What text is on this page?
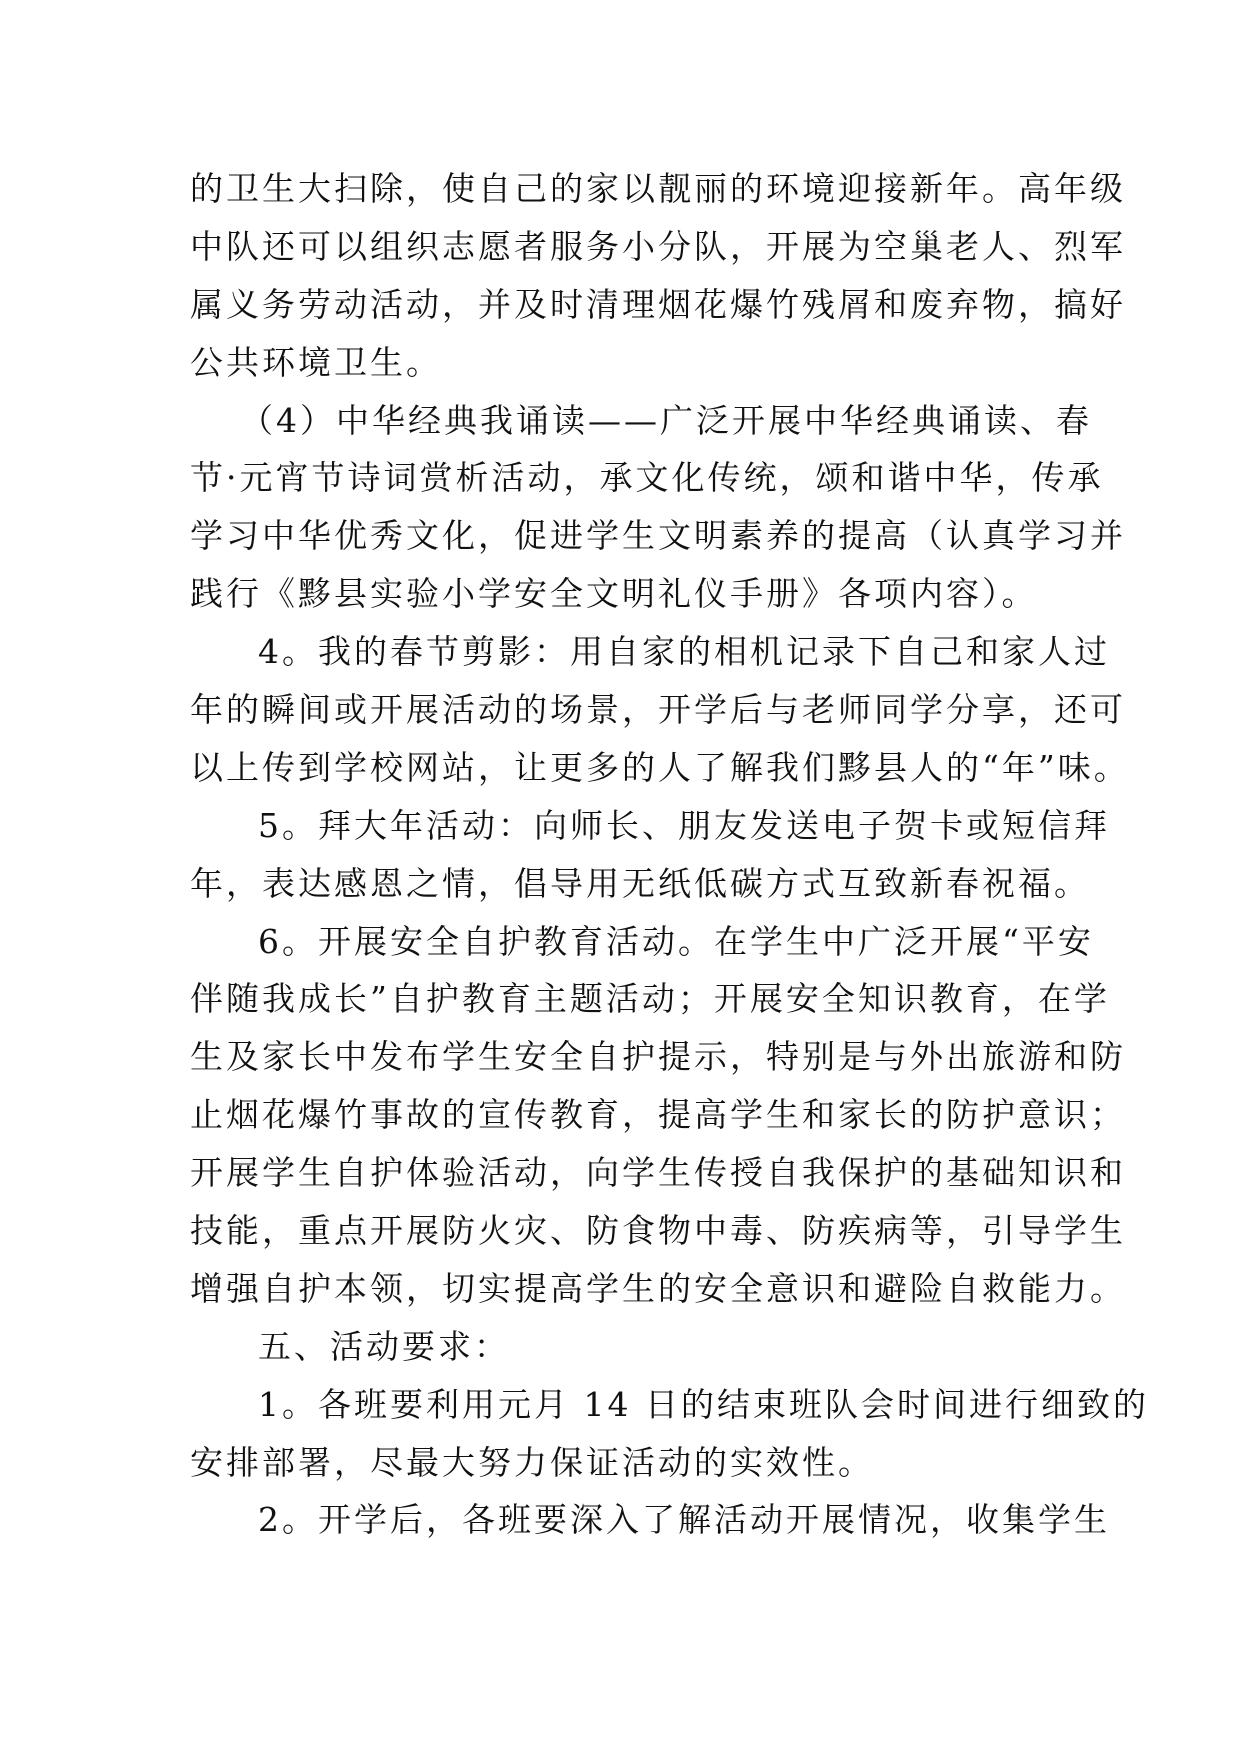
的卫生大扫除，使自己的家以靓丽的环境迎接新年。高年级
中队还可以组织志愿者服务小分队，开展为空巢老人、烈军
属义务劳动活动，并及时清理烟花爆竹残屑和废弃物，搞好
公共环境卫生。
（4）中华经典我诵读——广泛开展中华经典诵读、春
节·元宵节诗词赏析活动，承文化传统，颂和谐中华，传承
学习中华优秀文化，促进学生文明素养的提高（认真学习并
践行《黟县实验小学安全文明礼仪手册》各项内容）。
4。我的春节剪影：用自家的相机记录下自己和家人过
年的瞬间或开展活动的场景，开学后与老师同学分享，还可
以上传到学校网站，让更多的人了解我们黟县人的“年”味。
5。拜大年活动：向师长、朋友发送电子贺卡或短信拜
年，表达感恩之情，倡导用无纸低碳方式互致新春祝福。
6。开展安全自护教育活动。在学生中广泛开展“平安
伴随我成长”自护教育主题活动；开展安全知识教育，在学
生及家长中发布学生安全自护提示，特别是与外出旅游和防
止烟花爆竹事故的宣传教育，提高学生和家长的防护意识；
开展学生自护体验活动，向学生传授自我保护的基础知识和
技能，重点开展防火灾、防食物中毒、防疾病等，引导学生
增强自护本领，切实提高学生的安全意识和避险自救能力。
五、活动要求：
1。各班要利用元月 14 日的结束班队会时间进行细致的
安排部署，尽最大努力保证活动的实效性。
2。开学后，各班要深入了解活动开展情况，收集学生
